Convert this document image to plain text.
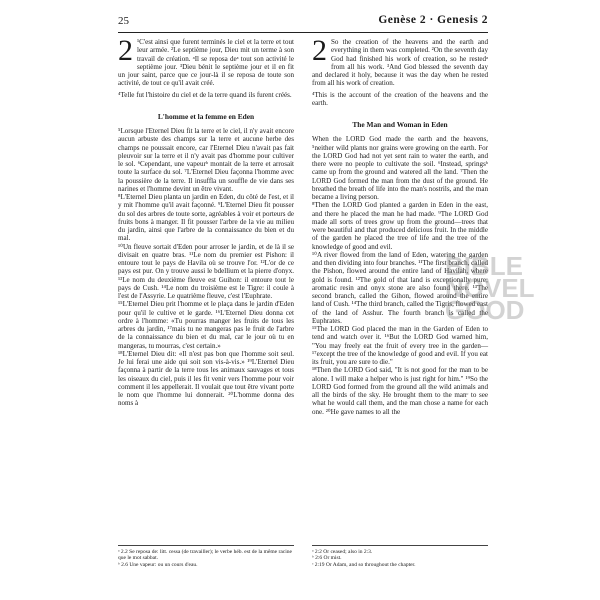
25	Genèse 2 · Genesis 2
2 ¹C'est ainsi que furent terminés le ciel et la terre et tout leur armée. ²Le septième jour, Dieu mit un terme à son travail de création. ᵃIl se reposa deᵃ tout son activité le septième jour. ³Dieu bénit le septième jour et il en fit un jour saint, parce que ce jour-là il se reposa de toute son activité, de tout ce qu'il avait créé.

⁴Telle fut l'histoire du ciel et de la terre quand ils furent créés.

L'homme et la femme en Eden

⁵Lorsque l'Eternel Dieu fit la terre et le ciel, il n'y avait encore aucun arbuste des champs sur la terre et aucune herbe des champs ne poussait encore, car l'Eternel Dieu n'avait pas fait pleuvoir sur la terre et il n'y avait pas d'homme pour cultiver le sol. ⁶Cependant, une vapeurᵇ montait de la terre et arrosait toute la surface du sol. ⁷L'Eternel Dieu façonna l'homme avec la poussière de la terre. Il insuffla un souffle de vie dans ses narines et l'homme devint un être vivant.

⁸L'Eternel Dieu planta un jardin en Eden, du côté de l'est, et il y mit l'homme qu'il avait façonné. ⁹L'Eternel Dieu fit pousser du sol des arbres de toute sorte, agréables à voir et porteurs de fruits bons à manger. Il fit pousser l'arbre de la vie au milieu du jardin, ainsi que l'arbre de la connaissance du bien et du mal.

¹⁰Un fleuve sortait d'Eden pour arroser le jardin, et de là il se divisait en quatre bras. ¹¹Le nom du premier est Pishon: il entoure tout le pays de Havila où se trouve l'or. ¹²L'or de ce pays est pur. On y trouve aussi le bdellium et la pierre d'onyx. ¹³Le nom du deuxième fleuve est Guihon: il entoure tout le pays de Cush. ¹⁴Le nom du troisième est le Tigre: il coule à l'est de l'Assyrie. Le quatrième fleuve, c'est l'Euphrate.

¹⁵L'Eternel Dieu prit l'homme et le plaça dans le jardin d'Eden pour qu'il le cultive et le garde. ¹⁶L'Eternel Dieu donna cet ordre à l'homme: «Tu pourras manger les fruits de tous les arbres du jardin, ¹⁷mais tu ne mangeras pas le fruit de l'arbre de la connaissance du bien et du mal, car le jour où tu en mangeras, tu mourras, c'est certain.»

¹⁸L'Eternel Dieu dit: «Il n'est pas bon que l'homme soit seul. Je lui ferai une aide qui soit son vis-à-vis.» ¹⁹L'Eternel Dieu façonna à partir de la terre tous les animaux sauvages et tous les oiseaux du ciel, puis il les fit venir vers l'homme pour voir comment il les appellerait. Il voulait que tout être vivant porte le nom que l'homme lui donnerait. ²⁰L'homme donna des noms à

2 So the creation of the heavens and the earth and everything in them was completed. ²On the seventh day God had finished his work of creation, so he restedᵃ from all his work. ³And God blessed the seventh day and declared it holy, because it was the day when he rested from all his work of creation.

⁴This is the account of the creation of the heavens and the earth.

The Man and Woman in Eden

When the LORD God made the earth and the heavens, ⁵neither wild plants nor grains were growing on the earth. For the LORD God had not yet sent rain to water the earth, and there were no people to cultivate the soil. ⁶Instead, springsᵇ came up from the ground and watered all the land. ⁷Then the LORD God formed the man from the dust of the ground. He breathed the breath of life into the man's nostrils, and the man became a living person.

⁸Then the LORD God planted a garden in Eden in the east, and there he placed the man he had made. ⁹The LORD God made all sorts of trees grow up from the ground—trees that were beautiful and that produced delicious fruit. In the middle of the garden he placed the tree of life and the tree of the knowledge of good and evil.

¹⁰A river flowed from the land of Eden, watering the garden and then dividing into four branches. ¹¹The first branch, called the Pishon, flowed around the entire land of Havilah, where gold is found. ¹²The gold of that land is exceptionally pure; aromatic resin and onyx stone are also found there. ¹³The second branch, called the Gihon, flowed around the entire land of Cush. ¹⁴The third branch, called the Tigris, flowed east of the land of Asshur. The fourth branch is called the Euphrates.

¹⁵The LORD God placed the man in the Garden of Eden to tend and watch over it. ¹⁶But the LORD God warned him, "You may freely eat the fruit of every tree in the garden—¹⁷except the tree of the knowledge of good and evil. If you eat its fruit, you are sure to die."

¹⁸Then the LORD God said, "It is not good for the man to be alone. I will make a helper who is just right for him." ¹⁹So the LORD God formed from the ground all the wild animals and all the birds of the sky. He brought them to the manᶜ to see what he would call them, and the man chose a name for each one. ²⁰He gave names to all the

ᵃ 2.2 Se reposa de: litt. cessa (de travailler); le verbe héb. est de la même racine que le mot sabbat.
ᵇ 2.6 Une vapeur: ou un cours d'eau.
ᵃ 2:2 Or ceased; also in 2:3.
ᵇ 2:6 Or mist.
ᶜ 2:19 Or Adam, and so throughout the chapter.
BIBLE
NOVEL
GOOD
